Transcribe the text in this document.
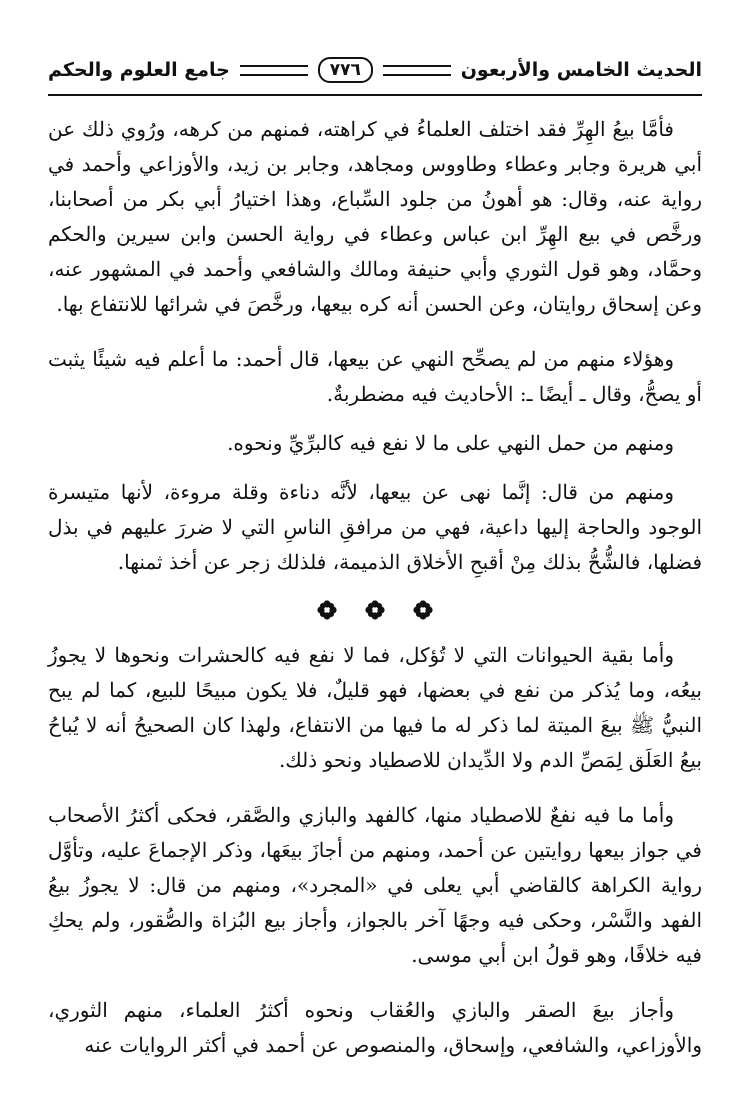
الحديث الخامس والأربعون
٧٧٦
جامع العلوم والحكم

فأمَّا بيعُ الهِرِّ فقد اختلف العلماءُ في كراهته، فمنهم من كرهه، ورُوي ذلك عن أبي هريرة وجابر وعطاء وطاووس ومجاهد، وجابر بن زيد، والأوزاعي وأحمد في رواية عنه، وقال: هو أهونُ من جلود السِّباع، وهذا اختيارُ أبي بكر من أصحابنا، ورخَّص في بيع الهِرِّ ابن عباس وعطاء في رواية الحسن وابن سيرين والحكم وحمَّاد، وهو قول الثوري وأبي حنيفة ومالك والشافعي وأحمد في المشهور عنه، وعن إسحاق روايتان، وعن الحسن أنه كره بيعها، ورخَّصَ في شرائها للانتفاع بها.

وهؤلاء منهم من لم يصحِّح النهي عن بيعها، قال أحمد: ما أعلم فيه شيئًا يثبت أو يصحُّ، وقال ـ أيضًا ـ: الأحاديث فيه مضطربةٌ.

ومنهم من حمل النهي على ما لا نفع فيه كالبرِّيِّ ونحوه.

ومنهم من قال: إنَّما نهى عن بيعها، لأنَّه دناءة وقلة مروءة، لأنها متيسرة الوجود والحاجة إليها داعية، فهي من مرافقِ الناسِ التي لا ضررَ عليهم في بذل فضلها، فالشُّحُّ بذلك مِنْ أقبحِ الأخلاق الذميمة، فلذلك زجر عن أخذ ثمنها.

وأما بقية الحيوانات التي لا تُؤكل، فما لا نفع فيه كالحشرات ونحوها لا يجوزُ بيعُه، وما يُذكر من نفع في بعضها، فهو قليلٌ، فلا يكون مبيحًا للبيع، كما لم يبح النبيُّ ﷺ بيعَ الميتة لما ذكر له ما فيها من الانتفاع، ولهذا كان الصحيحُ أنه لا يُباحُ بيعُ العَلَق لِمَصِّ الدم ولا الدِّيدان للاصطياد ونحو ذلك.

وأما ما فيه نفعٌ للاصطياد منها، كالفهد والبازي والصَّقر، فحكى أكثرُ الأصحاب في جواز بيعها روايتين عن أحمد، ومنهم من أجازَ بيعَها، وذكر الإجماعَ عليه، وتأوَّل رواية الكراهة كالقاضي أبي يعلى في «المجرد»، ومنهم من قال: لا يجوزُ بيعُ الفهد والنَّسْر، وحكى فيه وجهًا آخر بالجواز، وأجاز بيع البُزاة والصُّقور، ولم يحكِ فيه خلافًا، وهو قولُ ابن أبي موسى.

وأجاز بيعَ الصقر والبازي والعُقاب ونحوه أكثرُ العلماء، منهم الثوري، والأوزاعي، والشافعي، وإسحاق، والمنصوص عن أحمد في أكثر الروايات عنه
